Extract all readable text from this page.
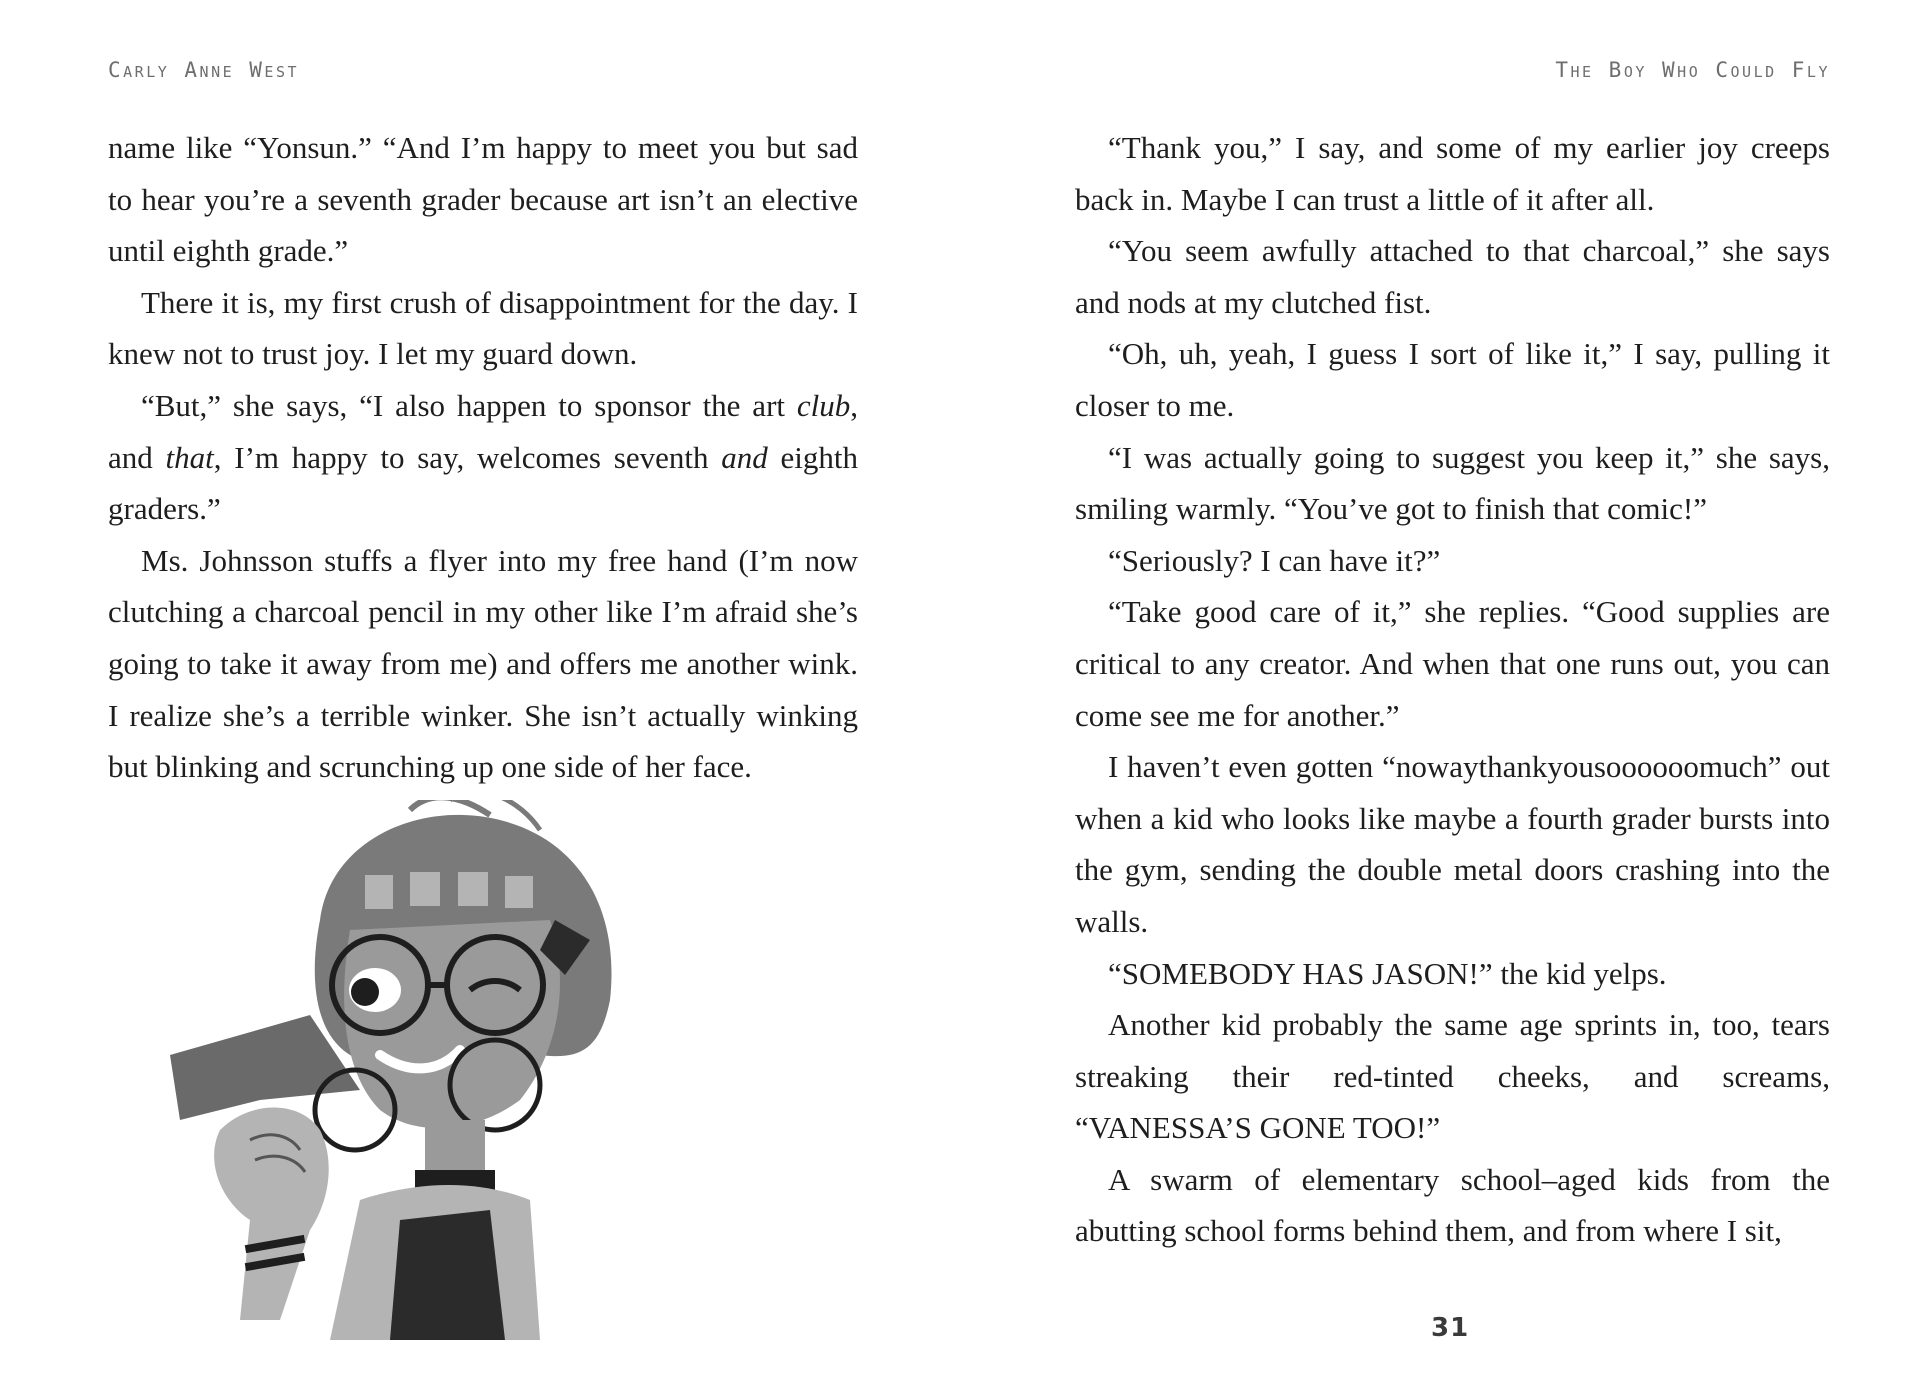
Carly Anne West

name like “Yonsun.” “And I’m happy to meet you but sad to hear you’re a seventh grader because art isn’t an elective until eighth grade.”

There it is, my first crush of disappointment for the day. I knew not to trust joy. I let my guard down.

“But,” she says, “I also happen to sponsor the art club, and that, I’m happy to say, welcomes seventh and eighth graders.”

Ms. Johnsson stuffs a flyer into my free hand (I’m now clutching a charcoal pencil in my other like I’m afraid she’s going to take it away from me) and offers me another wink. I realize she’s a terrible winker. She isn’t actually winking but blinking and scrunching up one side of her face.

The Boy Who Could Fly

“Thank you,” I say, and some of my earlier joy creeps back in. Maybe I can trust a little of it after all.

“You seem awfully attached to that charcoal,” she says and nods at my clutched fist.

“Oh, uh, yeah, I guess I sort of like it,” I say, pulling it closer to me.

“I was actually going to suggest you keep it,” she says, smiling warmly. “You’ve got to finish that comic!”

“Seriously? I can have it?”

“Take good care of it,” she replies. “Good supplies are critical to any creator. And when that one runs out, you can come see me for another.”

I haven’t even gotten “nowaythankyousoooooomuch” out when a kid who looks like maybe a fourth grader bursts into the gym, sending the double metal doors crashing into the walls.

“SOMEBODY HAS JASON!” the kid yelps.

Another kid probably the same age sprints in, too, tears streaking their red-tinted cheeks, and screams, “VANESSA’S GONE TOO!”

A swarm of elementary school–aged kids from the abutting school forms behind them, and from where I sit,

31
